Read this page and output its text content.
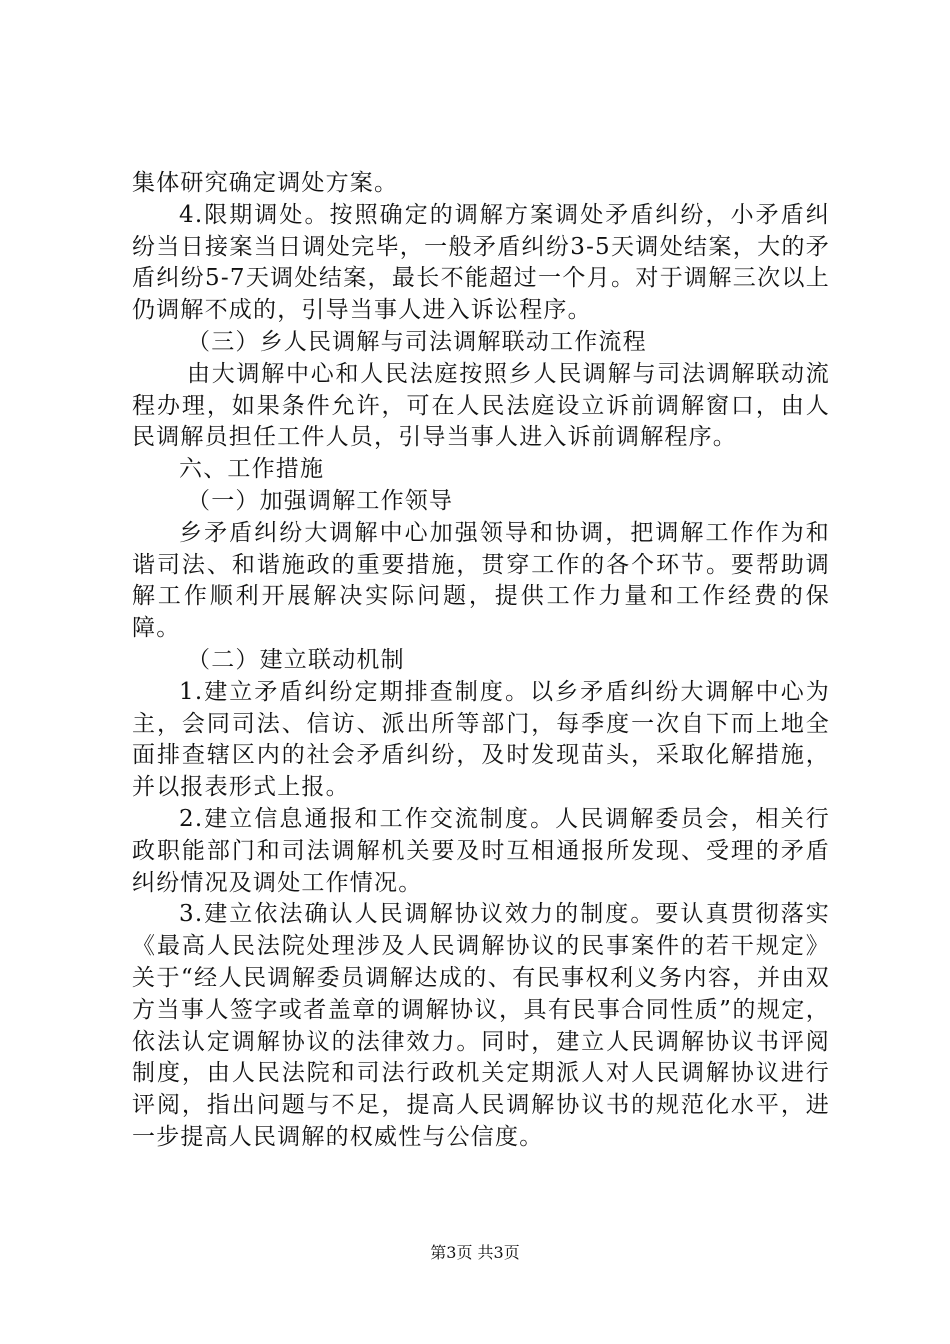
集体研究确定调处方案。

4.限期调处。按照确定的调解方案调处矛盾纠纷，小矛盾纠纷当日接案当日调处完毕，一般矛盾纠纷3-5天调处结案，大的矛盾纠纷5-7天调处结案，最长不能超过一个月。对于调解三次以上仍调解不成的，引导当事人进入诉讼程序。

（三）乡人民调解与司法调解联动工作流程

由大调解中心和人民法庭按照乡人民调解与司法调解联动流程办理，如果条件允许，可在人民法庭设立诉前调解窗口，由人民调解员担任工件人员，引导当事人进入诉前调解程序。

六、工作措施

（一）加强调解工作领导

乡矛盾纠纷大调解中心加强领导和协调，把调解工作作为和谐司法、和谐施政的重要措施，贯穿工作的各个环节。要帮助调解工作顺利开展解决实际问题，提供工作力量和工作经费的保障。

（二）建立联动机制

1.建立矛盾纠纷定期排查制度。以乡矛盾纠纷大调解中心为主，会同司法、信访、派出所等部门，每季度一次自下而上地全面排查辖区内的社会矛盾纠纷，及时发现苗头，采取化解措施，并以报表形式上报。

2.建立信息通报和工作交流制度。人民调解委员会，相关行政职能部门和司法调解机关要及时互相通报所发现、受理的矛盾纠纷情况及调处工作情况。

3.建立依法确认人民调解协议效力的制度。要认真贯彻落实《最高人民法院处理涉及人民调解协议的民事案件的若干规定》关于“经人民调解委员调解达成的、有民事权利义务内容，并由双方当事人签字或者盖章的调解协议，具有民事合同性质”的规定，依法认定调解协议的法律效力。同时，建立人民调解协议书评阅制度，由人民法院和司法行政机关定期派人对人民调解协议进行评阅，指出问题与不足，提高人民调解协议书的规范化水平，进一步提高人民调解的权威性与公信度。

第3页 共3页
